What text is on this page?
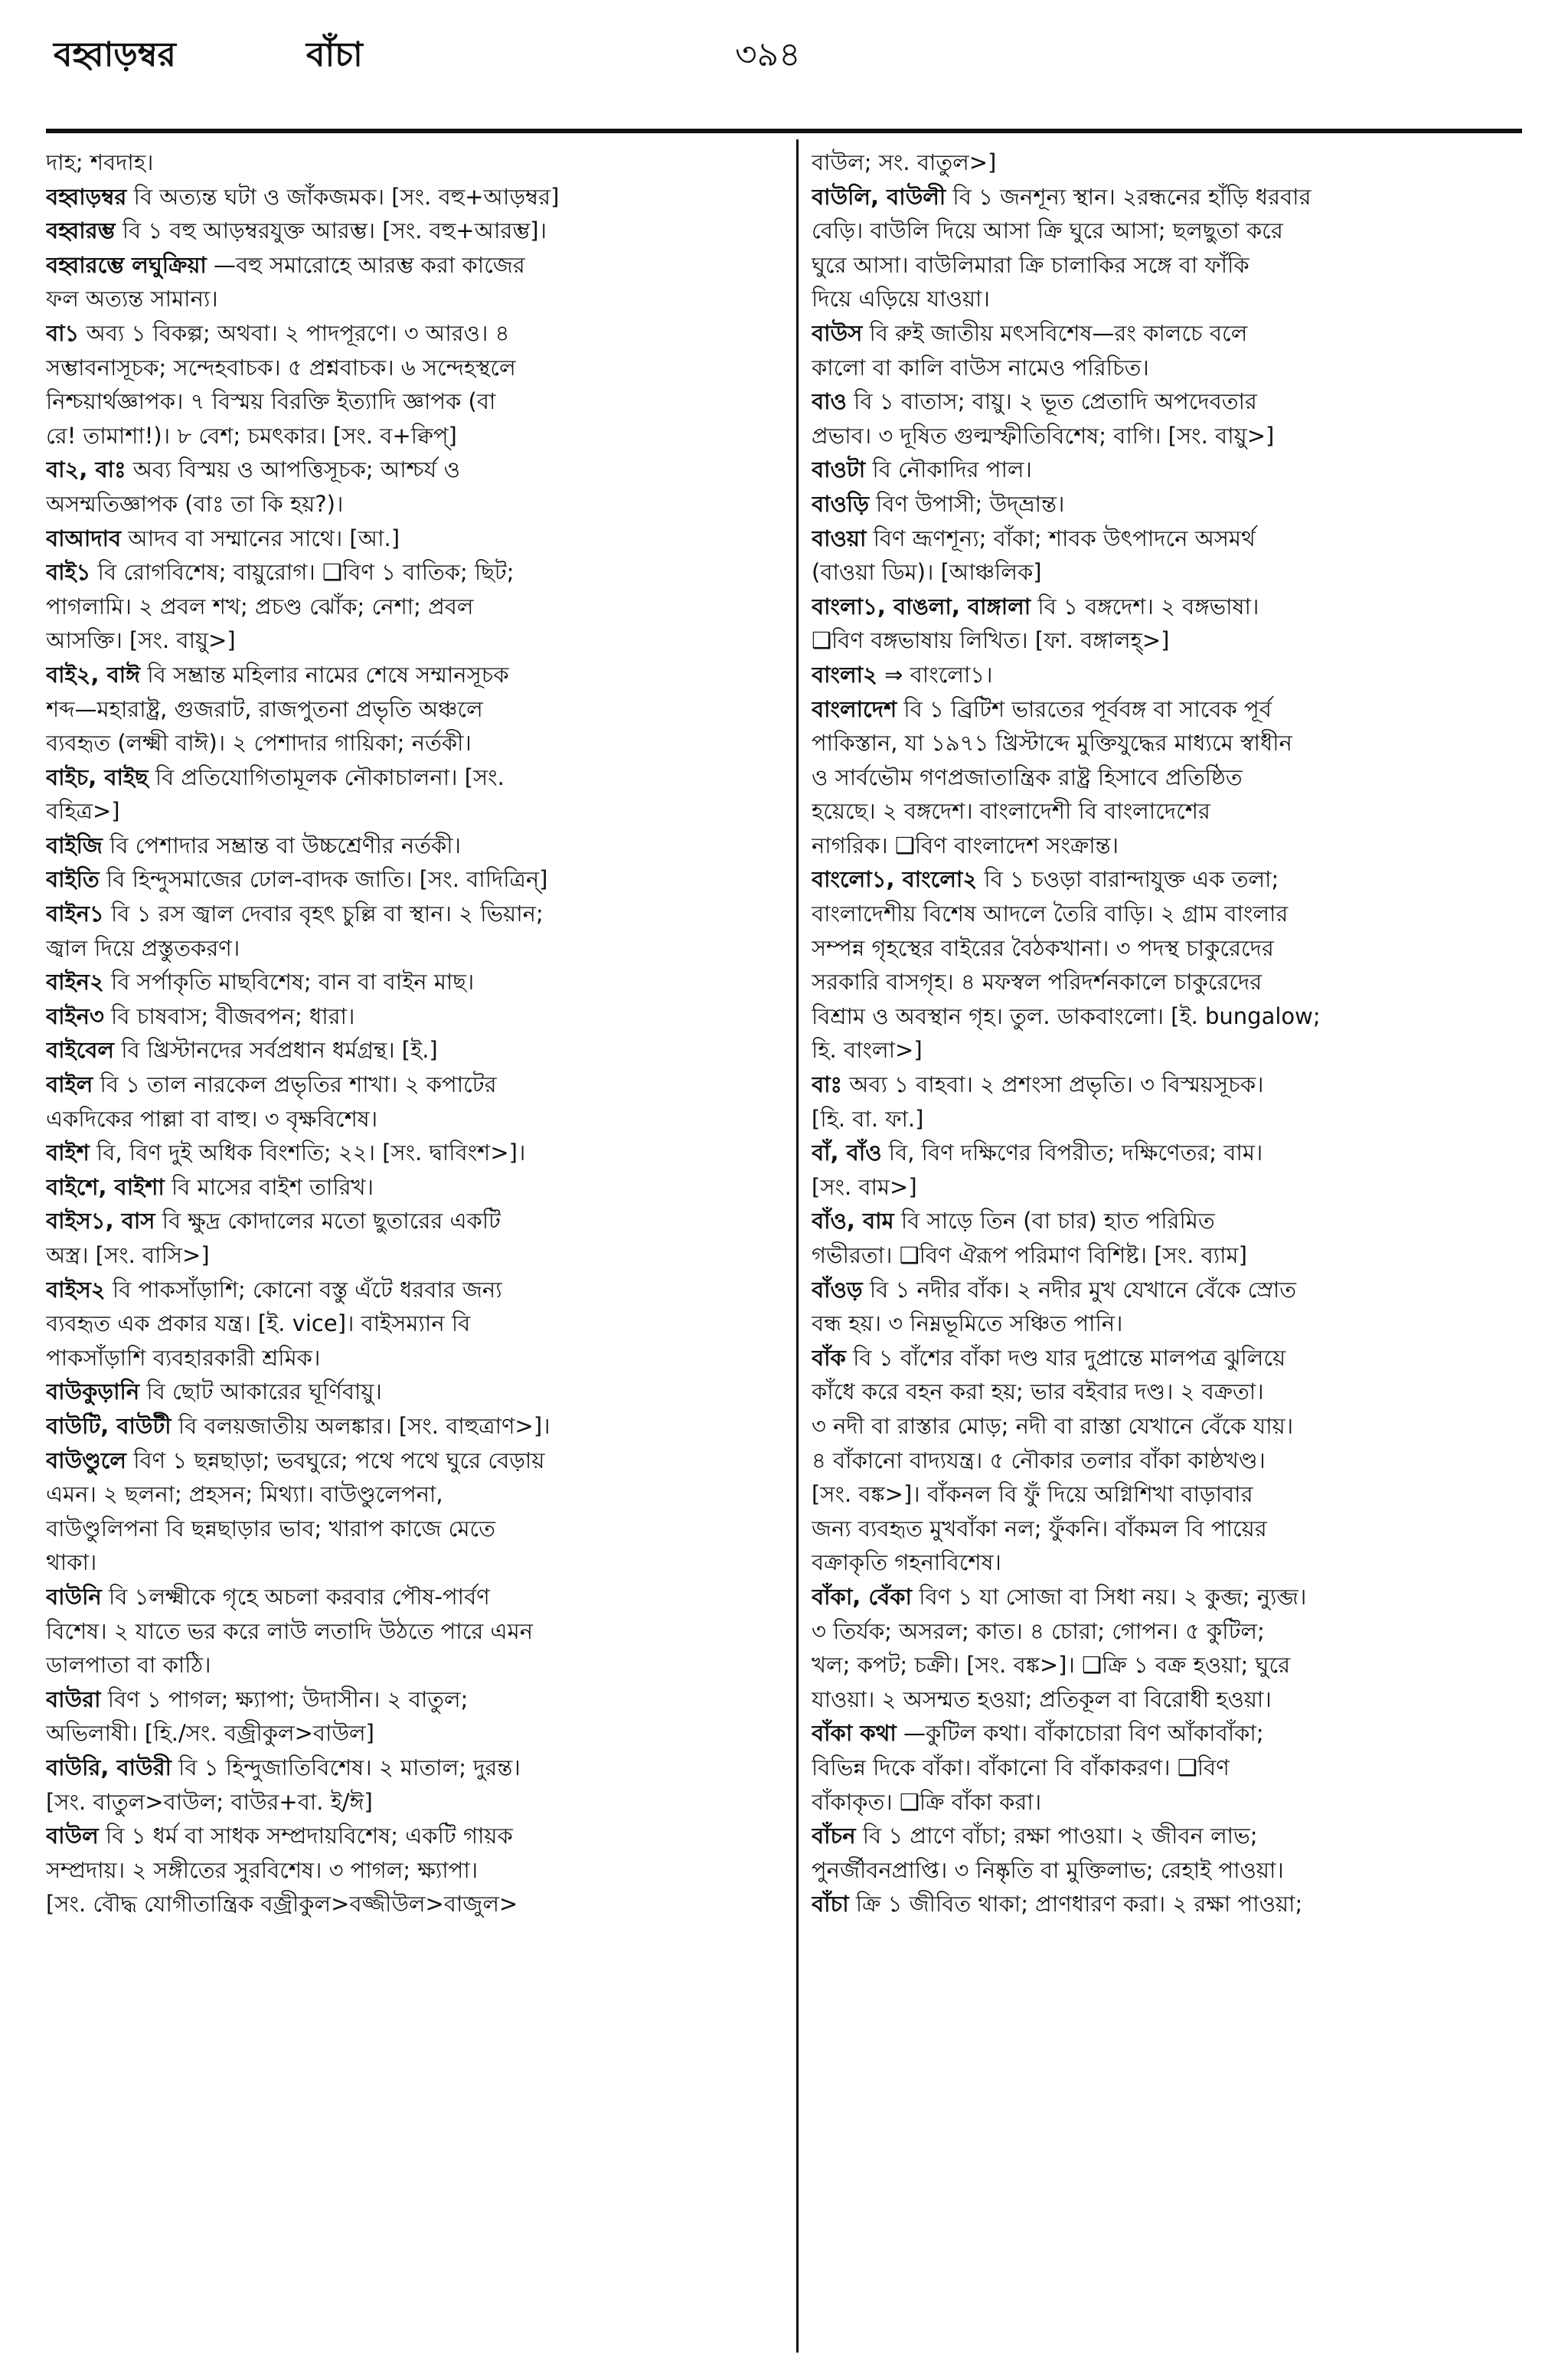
বহ্বাড়ম্বর	বাঁচা	৩৯৪
দাহ; শবদাহ।
বহ্বাড়ম্বর বি অত্যন্ত ঘটা ও জাঁকজমক। [সং. বহু+আড়ম্বর]
বহ্বারম্ভ বি ১ বহু আড়ম্বরযুক্ত আরম্ভ। [সং. বহু+আরম্ভ]।
বহ্বারম্ভে লঘুক্রিয়া —বহু সমারোহে আরম্ভ করা কাজের
ফল অত্যন্ত সামান্য।
বা১ অব্য ১ বিকল্প; অথবা। ২ পাদপূরণে। ৩ আরও। ৪
সম্ভাবনাসূচক; সন্দেহবাচক। ৫ প্রশ্নবাচক। ৬ সন্দেহস্থলে
নিশ্চয়ার্থজ্ঞাপক। ৭ বিস্ময় বিরক্তি ইত্যাদি জ্ঞাপক (বা
রে! তামাশা!)। ৮ বেশ; চমৎকার। [সং. ব+ক্বিপ্]
বা২, বাঃ অব্য বিস্ময় ও আপত্তিসূচক; আশ্চর্য ও
অসম্মতিজ্ঞাপক (বাঃ তা কি হয়?)।
বাআদাব আদব বা সম্মানের সাথে। [আ.]
বাই১ বি রোগবিশেষ; বায়ুরোগ। ❑বিণ ১ বাতিক; ছিট;
পাগলামি। ২ প্রবল শখ; প্রচণ্ড ঝোঁক; নেশা; প্রবল
আসক্তি। [সং. বায়ু>]
বাই২, বাঈ বি সম্ভ্রান্ত মহিলার নামের শেষে সম্মানসূচক
শব্দ—মহারাষ্ট্র, গুজরাট, রাজপুতনা প্রভৃতি অঞ্চলে
ব্যবহৃত (লক্ষ্মী বাঈ)। ২ পেশাদার গায়িকা; নর্তকী।
বাইচ, বাইছ বি প্রতিযোগিতামূলক নৌকাচালনা। [সং.
বহিত্র>]
বাইজি বি পেশাদার সম্ভ্রান্ত বা উচ্চশ্রেণীর নর্তকী।
বাইতি বি হিন্দুসমাজের ঢোল-বাদক জাতি। [সং. বাদিত্রিন্]
বাইন১ বি ১ রস জ্বাল দেবার বৃহৎ চুল্লি বা স্থান। ২ ভিয়ান;
জ্বাল দিয়ে প্রস্তুতকরণ।
বাইন২ বি সর্পাকৃতি মাছবিশেষ; বান বা বাইন মাছ।
বাইন৩ বি চাষবাস; বীজবপন; ধারা।
বাইবেল বি খ্রিস্টানদের সর্বপ্রধান ধর্মগ্রন্থ। [ই.]
বাইল বি ১ তাল নারকেল প্রভৃতির শাখা। ২ কপাটের
একদিকের পাল্লা বা বাহু। ৩ বৃক্ষবিশেষ।
বাইশ বি, বিণ দুই অধিক বিংশতি; ২২। [সং. দ্বাবিংশ>]।
বাইশে, বাইশা বি মাসের বাইশ তারিখ।
বাইস১, বাস বি ক্ষুদ্র কোদালের মতো ছুতারের একটি
অস্ত্র। [সং. বাসি>]
বাইস২ বি পাকসাঁড়াশি; কোনো বস্তু এঁটে ধরবার জন্য
ব্যবহৃত এক প্রকার যন্ত্র। [ই. vice]। বাইসম্যান বি
পাকসাঁড়াশি ব্যবহারকারী শ্রমিক।
বাউকুড়ানি বি ছোট আকারের ঘূর্ণিবায়ু।
বাউটি, বাউটী বি বলয়জাতীয় অলঙ্কার। [সং. বাহুত্রাণ>]।
বাউণ্ডুলে বিণ ১ ছন্নছাড়া; ভবঘুরে; পথে পথে ঘুরে বেড়ায়
এমন। ২ ছলনা; প্রহসন; মিথ্যা। বাউণ্ডুলেপনা,
বাউণ্ডুলিপনা বি ছন্নছাড়ার ভাব; খারাপ কাজে মেতে
থাকা।
বাউনি বি ১লক্ষ্মীকে গৃহে অচলা করবার পৌষ-পার্বণ
বিশেষ। ২ যাতে ভর করে লাউ লতাদি উঠতে পারে এমন
ডালপাতা বা কাঠি।
বাউরা বিণ ১ পাগল; ক্ষ্যাপা; উদাসীন। ২ বাতুল;
অভিলাষী। [হি./সং. বজ্রীকুল>বাউল]
বাউরি, বাউরী বি ১ হিন্দুজাতিবিশেষ। ২ মাতাল; দুরন্ত।
[সং. বাতুল>বাউল; বাউর+বা. ই/ঈ]
বাউল বি ১ ধর্ম বা সাধক সম্প্রদায়বিশেষ; একটি গায়ক
সম্প্রদায়। ২ সঙ্গীতের সুরবিশেষ। ৩ পাগল; ক্ষ্যাপা।
[সং. বৌদ্ধ যোগীতান্ত্রিক বজ্রীকুল>বজ্জীউল>বাজুল>
বাউল; সং. বাতুল>]
বাউলি, বাউলী বি ১ জনশূন্য স্থান। ২রন্ধনের হাঁড়ি ধরবার
বেড়ি। বাউলি দিয়ে আসা ক্রি ঘুরে আসা; ছলছুতা করে
ঘুরে আসা। বাউলিমারা ক্রি চালাকির সঙ্গে বা ফাঁকি
দিয়ে এড়িয়ে যাওয়া।
বাউস বি রুই জাতীয় মৎসবিশেষ—রং কালচে বলে
কালো বা কালি বাউস নামেও পরিচিত।
বাও বি ১ বাতাস; বায়ু। ২ ভূত প্রেতাদি অপদেবতার
প্রভাব। ৩ দূষিত গুল্মস্ফীতিবিশেষ; বাগি। [সং. বায়ু>]
বাওটা বি নৌকাদির পাল।
বাওড়ি বিণ উপাসী; উদ্‌ভ্রান্ত।
বাওয়া বিণ ভ্রূণশূন্য; বাঁকা; শাবক উৎপাদনে অসমর্থ
(বাওয়া ডিম)। [আঞ্চলিক]
বাংলা১, বাঙলা, বাঙ্গালা বি ১ বঙ্গদেশ। ২ বঙ্গভাষা।
❑বিণ বঙ্গভাষায় লিখিত। [ফা. বঙ্গালহ্>]
বাংলা২ ⇒ বাংলো১।
বাংলাদেশ বি ১ ব্রিটিশ ভারতের পূর্ববঙ্গ বা সাবেক পূর্ব
পাকিস্তান, যা ১৯৭১ খ্রিস্টাব্দে মুক্তিযুদ্ধের মাধ্যমে স্বাধীন
ও সার্বভৌম গণপ্রজাতান্ত্রিক রাষ্ট্র হিসাবে প্রতিষ্ঠিত
হয়েছে। ২ বঙ্গদেশ। বাংলাদেশী বি বাংলাদেশের
নাগরিক। ❑বিণ বাংলাদেশ সংক্রান্ত।
বাংলো১, বাংলো২ বি ১ চওড়া বারান্দাযুক্ত এক তলা;
বাংলাদেশীয় বিশেষ আদলে তৈরি বাড়ি। ২ গ্রাম বাংলার
সম্পন্ন গৃহস্থের বাইরের বৈঠকখানা। ৩ পদস্থ চাকুরেদের
সরকারি বাসগৃহ। ৪ মফস্বল পরিদর্শনকালে চাকুরেদের
বিশ্রাম ও অবস্থান গৃহ। তুল. ডাকবাংলো। [ই. bungalow;
হি. বাংলা>]
বাঃ অব্য ১ বাহবা। ২ প্রশংসা প্রভৃতি। ৩ বিস্ময়সূচক।
[হি. বা. ফা.]
বাঁ, বাঁও বি, বিণ দক্ষিণের বিপরীত; দক্ষিণেতর; বাম।
[সং. বাম>]
বাঁও, বাম বি সাড়ে তিন (বা চার) হাত পরিমিত
গভীরতা। ❑বিণ ঐরূপ পরিমাণ বিশিষ্ট। [সং. ব্যাম]
বাঁওড় বি ১ নদীর বাঁক। ২ নদীর মুখ যেখানে বেঁকে স্রোত
বন্ধ হয়। ৩ নিম্নভূমিতে সঞ্চিত পানি।
বাঁক বি ১ বাঁশের বাঁকা দণ্ড যার দুপ্রান্তে মালপত্র ঝুলিয়ে
কাঁধে করে বহন করা হয়; ভার বইবার দণ্ড। ২ বক্রতা।
৩ নদী বা রাস্তার মোড়; নদী বা রাস্তা যেখানে বেঁকে যায়।
৪ বাঁকানো বাদ্যযন্ত্র। ৫ নৌকার তলার বাঁকা কাষ্ঠখণ্ড।
[সং. বঙ্ক>]। বাঁকনল বি ফুঁ দিয়ে অগ্নিশিখা বাড়াবার
জন্য ব্যবহৃত মুখবাঁকা নল; ফুঁকনি। বাঁকমল বি পায়ের
বক্রাকৃতি গহনাবিশেষ।
বাঁকা, বেঁকা বিণ ১ যা সোজা বা সিধা নয়। ২ কুব্জ; ন্যুব্জ।
৩ তির্যক; অসরল; কাত। ৪ চোরা; গোপন। ৫ কুটিল;
খল; কপট; চক্রী। [সং. বঙ্ক>]। ❑ক্রি ১ বক্র হওয়া; ঘুরে
যাওয়া। ২ অসম্মত হওয়া; প্রতিকূল বা বিরোধী হওয়া।
বাঁকা কথা —কুটিল কথা। বাঁকাচোরা বিণ আঁকাবাঁকা;
বিভিন্ন দিকে বাঁকা। বাঁকানো বি বাঁকাকরণ। ❑বিণ
বাঁকাকৃত। ❑ক্রি বাঁকা করা।
বাঁচন বি ১ প্রাণে বাঁচা; রক্ষা পাওয়া। ২ জীবন লাভ;
পুনর্জীবনপ্রাপ্তি। ৩ নিষ্কৃতি বা মুক্তিলাভ; রেহাই পাওয়া।
বাঁচা ক্রি ১ জীবিত থাকা; প্রাণধারণ করা। ২ রক্ষা পাওয়া;
